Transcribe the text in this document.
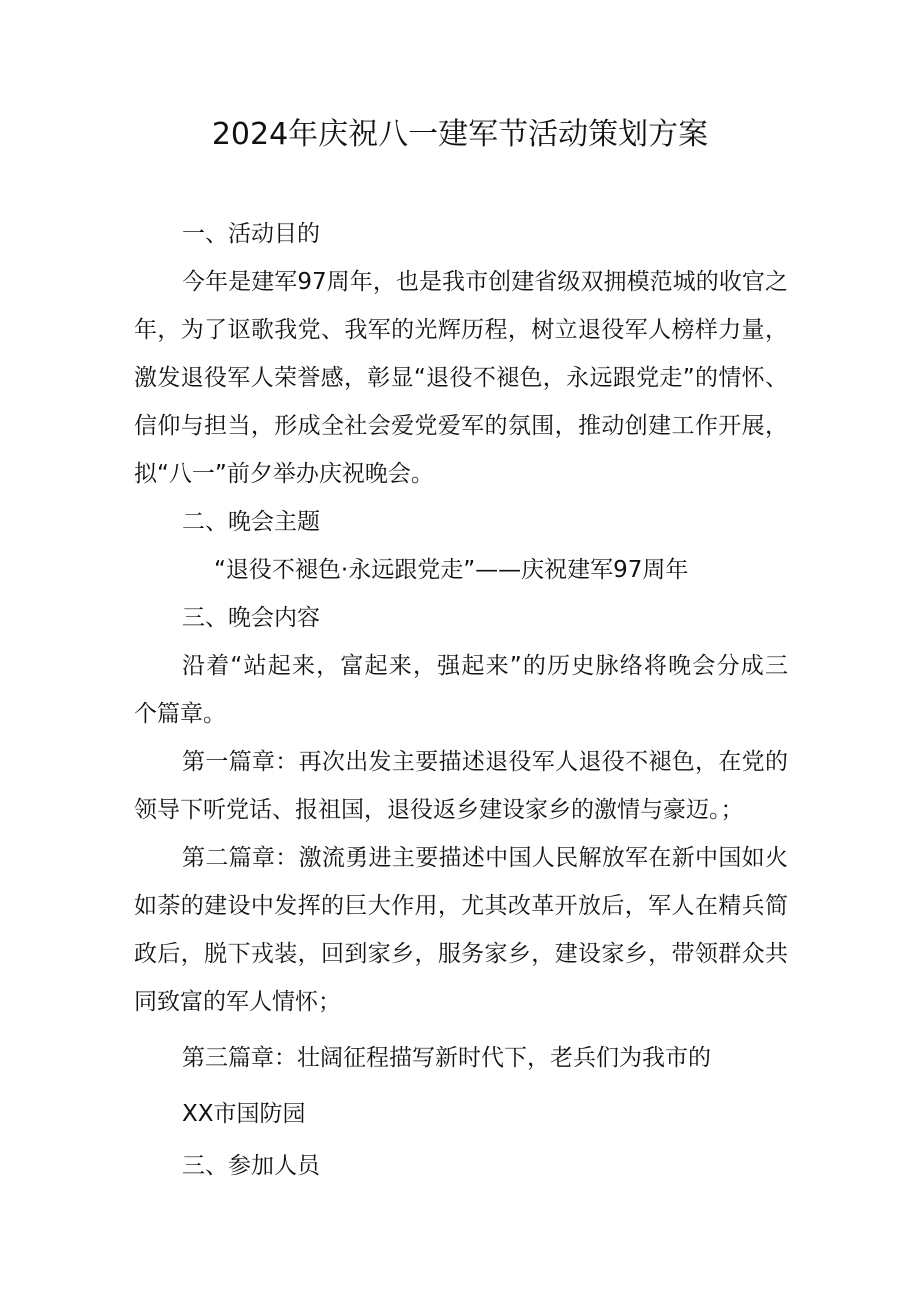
2024年庆祝八一建军节活动策划方案
一、活动目的
今年是建军97周年，也是我市创建省级双拥模范城的收官之
年，为了讴歌我党、我军的光辉历程，树立退役军人榜样力量，
激发退役军人荣誉感，彰显“退役不褪色，永远跟党走”的情怀、
信仰与担当，形成全社会爱党爱军的氛围，推动创建工作开展，
拟“八一”前夕举办庆祝晚会。
二、晚会主题
“退役不褪色·永远跟党走”——庆祝建军97周年
三、晚会内容
沿着“站起来，富起来，强起来”的历史脉络将晚会分成三
个篇章。
第一篇章：再次出发主要描述退役军人退役不褪色，在党的
领导下听党话、报祖国，退役返乡建设家乡的激情与豪迈。；
第二篇章：激流勇进主要描述中国人民解放军在新中国如火
如荼的建设中发挥的巨大作用，尤其改革开放后，军人在精兵简
政后，脱下戎装，回到家乡，服务家乡，建设家乡，带领群众共
同致富的军人情怀；
第三篇章：壮阔征程描写新时代下，老兵们为我市的
XX市国防园
三、参加人员
